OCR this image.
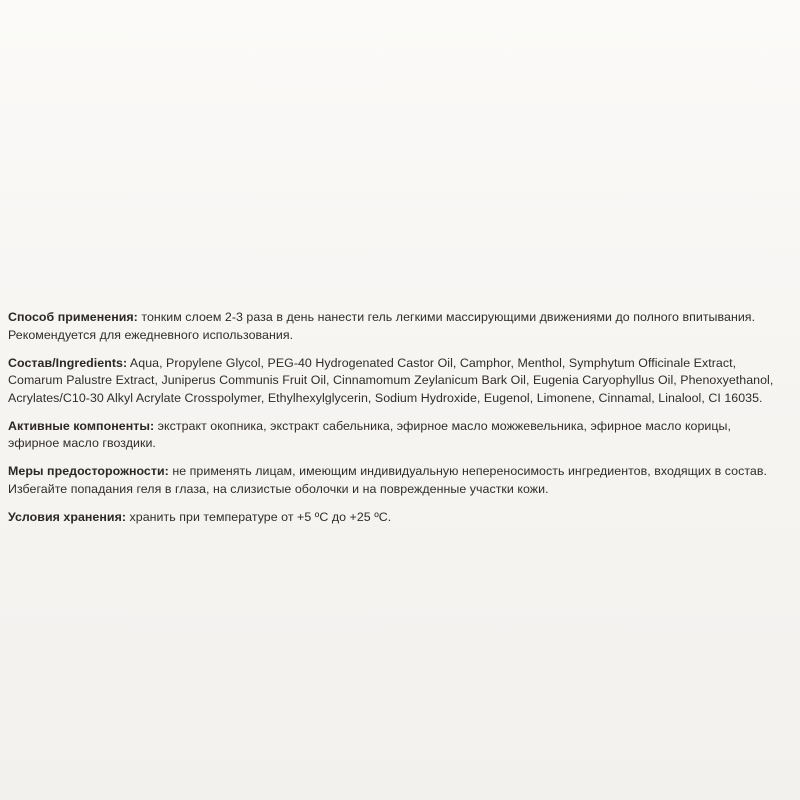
Способ применения: тонким слоем 2-3 раза в день нанести гель легкими массирующими движениями до полного впитывания.
Рекомендуется для ежедневного использования.

Состав/Ingredients: Aqua, Propylene Glycol, PEG-40 Hydrogenated Castor Oil, Camphor, Menthol, Symphytum Officinale Extract,
Comarum Palustre Extract, Juniperus Communis Fruit Oil, Cinnamomum Zeylanicum Bark Oil, Eugenia Caryophyllus Oil, Phenoxyethanol,
Acrylates/C10-30 Alkyl Acrylate Crosspolymer, Ethylhexylglycerin, Sodium Hydroxide, Eugenol, Limonene, Cinnamal, Linalool, CI 16035.

Активные компоненты: экстракт окопника, экстракт сабельника, эфирное масло можжевельника, эфирное масло корицы,
эфирное масло гвоздики.

Меры предосторожности: не применять лицам, имеющим индивидуальную непереносимость ингредиентов, входящих в состав.
Избегайте попадания геля в глаза, на слизистые оболочки и на поврежденные участки кожи.

Условия хранения: хранить при температуре от +5 ºС до +25 ºС.
